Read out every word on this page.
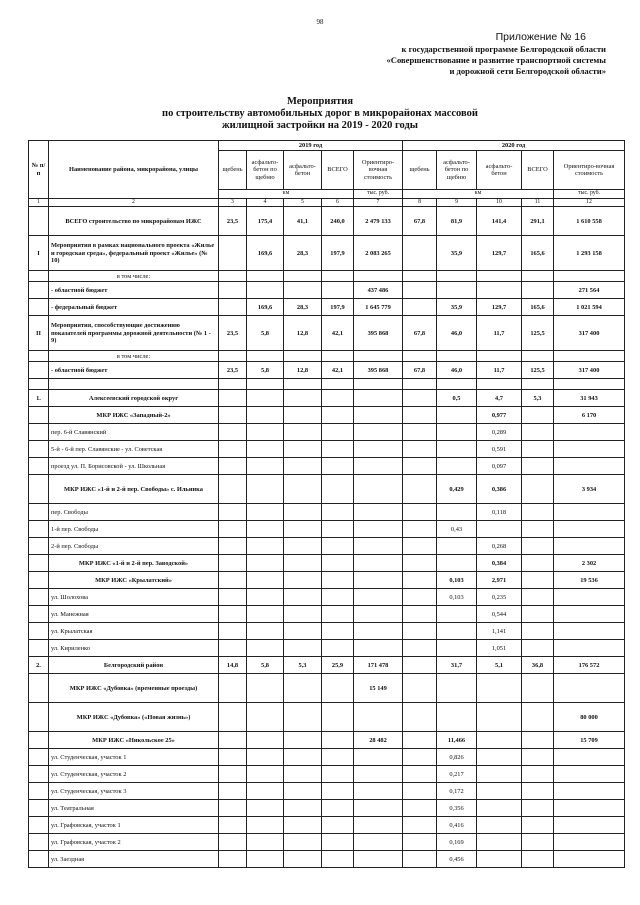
98
Приложение № 16
к государственной программе Белгородской области
«Совершенствование и развитие транспортной системы
и дорожной сети Белгородской области»
Мероприятия
по строительству автомобильных дорог в микрорайонах массовой
жилищной застройки на 2019 - 2020 годы
№ п/п	Наименование района, микрорайона, улицы	2019 год					2020 год				
		щебень	асфальто-бетон по щебню	асфальто-бетон	ВСЕГО	Ориентиро-вочная стоимость	щебень	асфальто-бетон по щебню	асфальто-бетон	ВСЕГО	Ориентиро-вочная стоимость
		км				тыс. руб.	км				тыс. руб.
1	2	3	4	5	6	7	8	9	10	11	12
	ВСЕГО строительство по микрорайонам ИЖС	23,5	175,4	41,1	240,0	2 479 133	67,8	81,9	141,4	291,1	1 610 558
I	Мероприятия в рамках национального проекта «Жилье и городская среда», федеральный проект «Жилье» (№ 10)		169,6	28,3	197,9	2 083 265		35,9	129,7	165,6	1 293 158
	в том числе:										
	- областной бюджет					437 486					271 564
	- федеральный бюджет		169,6	28,3	197,9	1 645 779		35,9	129,7	165,6	1 021 594
II	Мероприятия, способствующие достижению показателей программы дорожной деятельности (№ 1 - 9)	23,5	5,8	12,8	42,1	395 868	67,8	46,0	11,7	125,5	317 400
	в том числе:										
	- областной бюджет	23,5	5,8	12,8	42,1	395 868	67,8	46,0	11,7	125,5	317 400

1.	Алексеевский городской округ							0,5	4,7	5,3	31 943
	МКР ИЖС «Западный-2»								0,977		6 170
	пер. 6-й Славянский								0,289		
	5-й - 6-й пер. Славянские - ул. Советская								0,591		
	проезд ул. П. Борисовской - ул. Школьная								0,097		
	МКР ИЖС «1-й и 2-й пер. Свободы» с. Ильинка							0,429	0,386		3 934
	пер. Свободы								0,118		
	1-й пер. Свободы							0,43			
	2-й пер. Свободы								0,268		
	МКР ИЖС «1-й и 2-й пер. Заводской»								0,384		2 302
	МКР ИЖС «Крылатский»							0,103	2,971		19 536
	ул. Шолохова							0,103	0,235		
	ул. Манежная								0,544		
	ул. Крылатская								1,141		
	ул. Кириленко								1,051		
2.	Белгородский район	14,8	5,8	5,3	25,9	171 478		31,7	5,1	36,8	176 572
	МКР ИЖС «Дубовка» (временные проезды)					15 149					
	МКР ИЖС «Дубовка» («Новая жизнь»)										80 000
	МКР ИЖС «Никольское 25»					28 482		11,466			15 709
	ул. Студенческая, участок 1							0,826			
	ул. Студенческая, участок 2							0,217			
	ул. Студенческая, участок 3							0,172			
	ул. Театральная							0,356			
	ул. Графовская, участок 1							0,416			
	ул. Графовская, участок 2							0,169			
	ул. Заездная							0,456			
